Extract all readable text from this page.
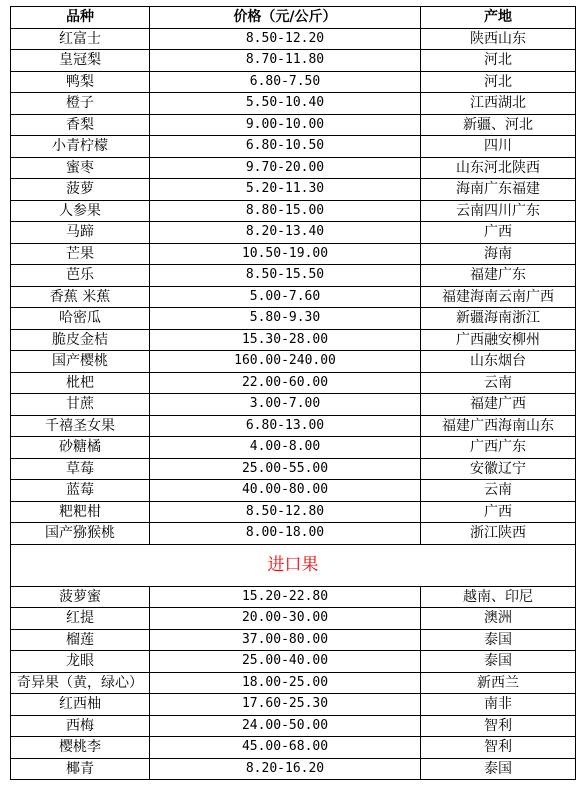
品种	价格（元/公斤）	产地
红富士	8.50-12.20	陕西山东
皇冠梨	8.70-11.80	河北
鸭梨	6.80-7.50	河北
橙子	5.50-10.40	江西湖北
香梨	9.00-10.00	新疆、河北
小青柠檬	6.80-10.50	四川
蜜枣	9.70-20.00	山东河北陕西
菠萝	5.20-11.30	海南广东福建
人参果	8.80-15.00	云南四川广东
马蹄	8.20-13.40	广西
芒果	10.50-19.00	海南
芭乐	8.50-15.50	福建广东
香蕉 米蕉	5.00-7.60	福建海南云南广西
哈密瓜	5.80-9.30	新疆海南浙江
脆皮金桔	15.30-28.00	广西融安柳州
国产樱桃	160.00-240.00	山东烟台
枇杷	22.00-60.00	云南
甘蔗	3.00-7.00	福建广西
千禧圣女果	6.80-13.00	福建广西海南山东
砂糖橘	4.00-8.00	广西广东
草莓	25.00-55.00	安徽辽宁
蓝莓	40.00-80.00	云南
粑粑柑	8.50-12.80	广西
国产猕猴桃	8.00-18.00	浙江陕西
进口果		
菠萝蜜	15.20-22.80	越南、印尼
红提	20.00-30.00	澳洲
榴莲	37.00-80.00	泰国
龙眼	25.00-40.00	泰国
奇异果（黄，绿心）	18.00-25.00	新西兰
红西柚	17.60-25.30	南非
西梅	24.00-50.00	智利
樱桃李	45.00-68.00	智利
椰青	8.20-16.20	泰国
